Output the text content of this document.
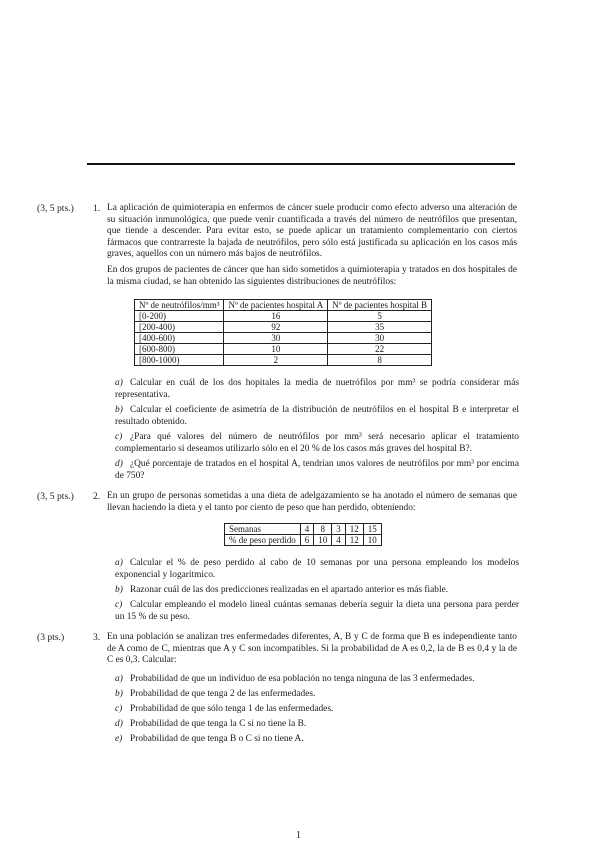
(3, 5 pts.) 1. La aplicación de quimioterapia en enfermos de cáncer suele producir como efecto adverso una alteración de su situación inmunológica, que puede venir cuantificada a través del número de neutrófilos que presentan, que tiende a descender. Para evitar esto, se puede aplicar un tratamiento complementario con ciertos fármacos que contrarreste la bajada de neutrófilos, pero sólo está justificada su aplicación en los casos más graves, aquellos con un número más bajos de neutrófilos.

En dos grupos de pacientes de cáncer que han sido sometidos a quimioterapia y tratados en dos hospitales de la misma ciudad, se han obtenido las siguientes distribuciones de neutrófilos:

Nº de neutrófilos/mm³	Nº de pacientes hospital A	Nº de pacientes hospital B
[0-200)	16	5
[200-400)	92	35
[400-600)	30	30
[600-800)	10	22
[800-1000)	2	8
a) Calcular en cuál de los dos hopitales la media de nuetrófilos por mm³ se podría considerar más representativa.
b) Calcular el coeficiente de asimetría de la distribución de neutrófilos en el hospital B e interpretar el resultado obtenido.
c) ¿Para qué valores del número de neutrófilos por mm³ será necesario aplicar el tratamiento complementario si deseamos utilizarlo sólo en el 20 % de los casos más graves del hospital B?.
d) ¿Qué porcentaje de tratados en el hospital A, tendrían unos valores de neutrófilos por mm³ por encima de 750?
(3, 5 pts.) 2. En un grupo de personas sometidas a una dieta de adelgazamiento se ha anotado el número de semanas que llevan haciendo la dieta y el tanto por ciento de peso que han perdido, obteniendo:

Semanas	4	8	3	12	15
% de peso perdido	6	10	4	12	10
a) Calcular el % de peso perdido al cabo de 10 semanas por una persona empleando los modelos exponencial y logarítmico.
b) Razonar cuál de las dos predicciones realizadas en el apartado anterior es más fiable.
c) Calcular empleando el modelo lineal cuántas semanas debería seguir la dieta una persona para perder un 15 % de su peso.
(3 pts.)	3. En una población se analizan tres enfermedades diferentes, A, B y C de forma que B es independiente tanto de A como de C, mientras que A y C son incompatibles. Si la probabilidad de A es 0,2, la de B es 0,4 y la de C es 0,3. Calcular:

a) Probabilidad de que un individuo de esa población no tenga ninguna de las 3 enfermedades.
b) Probabilidad de que tenga 2 de las enfermedades.
c) Probabilidad de que sólo tenga 1 de las enfermedades.
d) Probabilidad de que tenga la C si no tiene la B.
e) Probabilidad de que tenga B o C si no tiene A.
1
